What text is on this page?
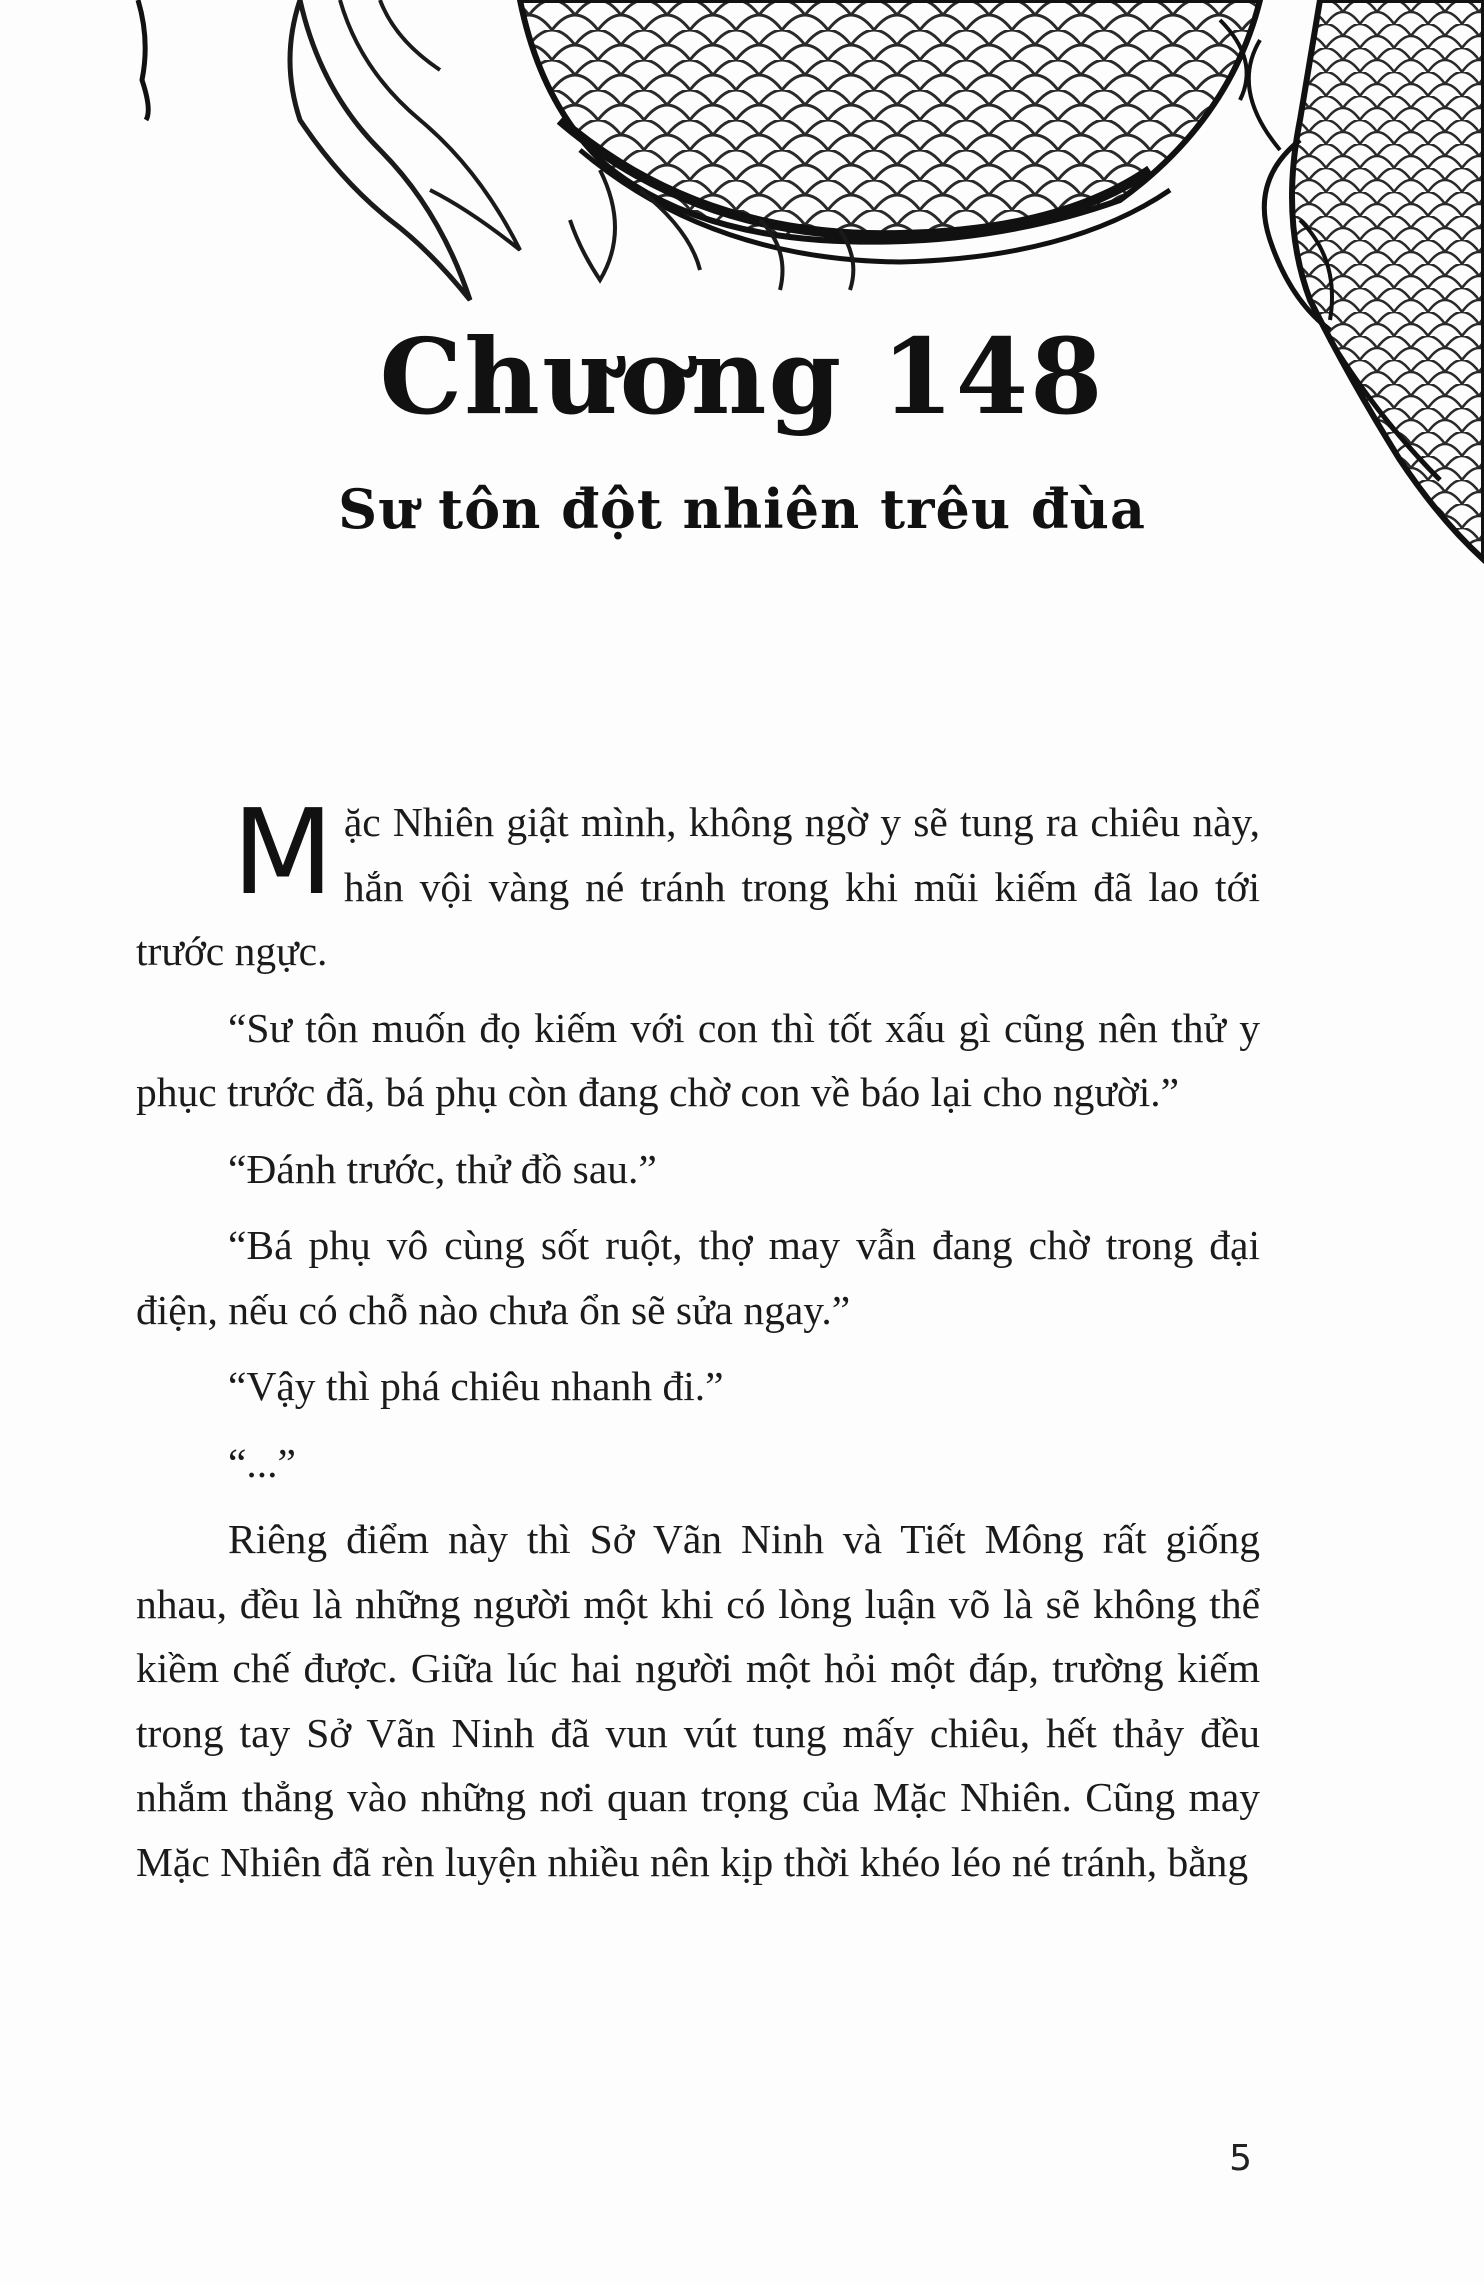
Chương 148
Sư tôn đột nhiên trêu đùa

Mặc Nhiên giật mình, không ngờ y sẽ tung ra chiêu này, hắn vội vàng né tránh trong khi mũi kiếm đã lao tới trước ngực.

“Sư tôn muốn đọ kiếm với con thì tốt xấu gì cũng nên thử y phục trước đã, bá phụ còn đang chờ con về báo lại cho người.”

“Đánh trước, thử đồ sau.”

“Bá phụ vô cùng sốt ruột, thợ may vẫn đang chờ trong đại điện, nếu có chỗ nào chưa ổn sẽ sửa ngay.”

“Vậy thì phá chiêu nhanh đi.”

“...”

Riêng điểm này thì Sở Vãn Ninh và Tiết Mông rất giống nhau, đều là những người một khi có lòng luận võ là sẽ không thể kiềm chế được. Giữa lúc hai người một hỏi một đáp, trường kiếm trong tay Sở Vãn Ninh đã vun vút tung mấy chiêu, hết thảy đều nhắm thẳng vào những nơi quan trọng của Mặc Nhiên. Cũng may Mặc Nhiên đã rèn luyện nhiều nên kịp thời khéo léo né tránh, bằng

5
